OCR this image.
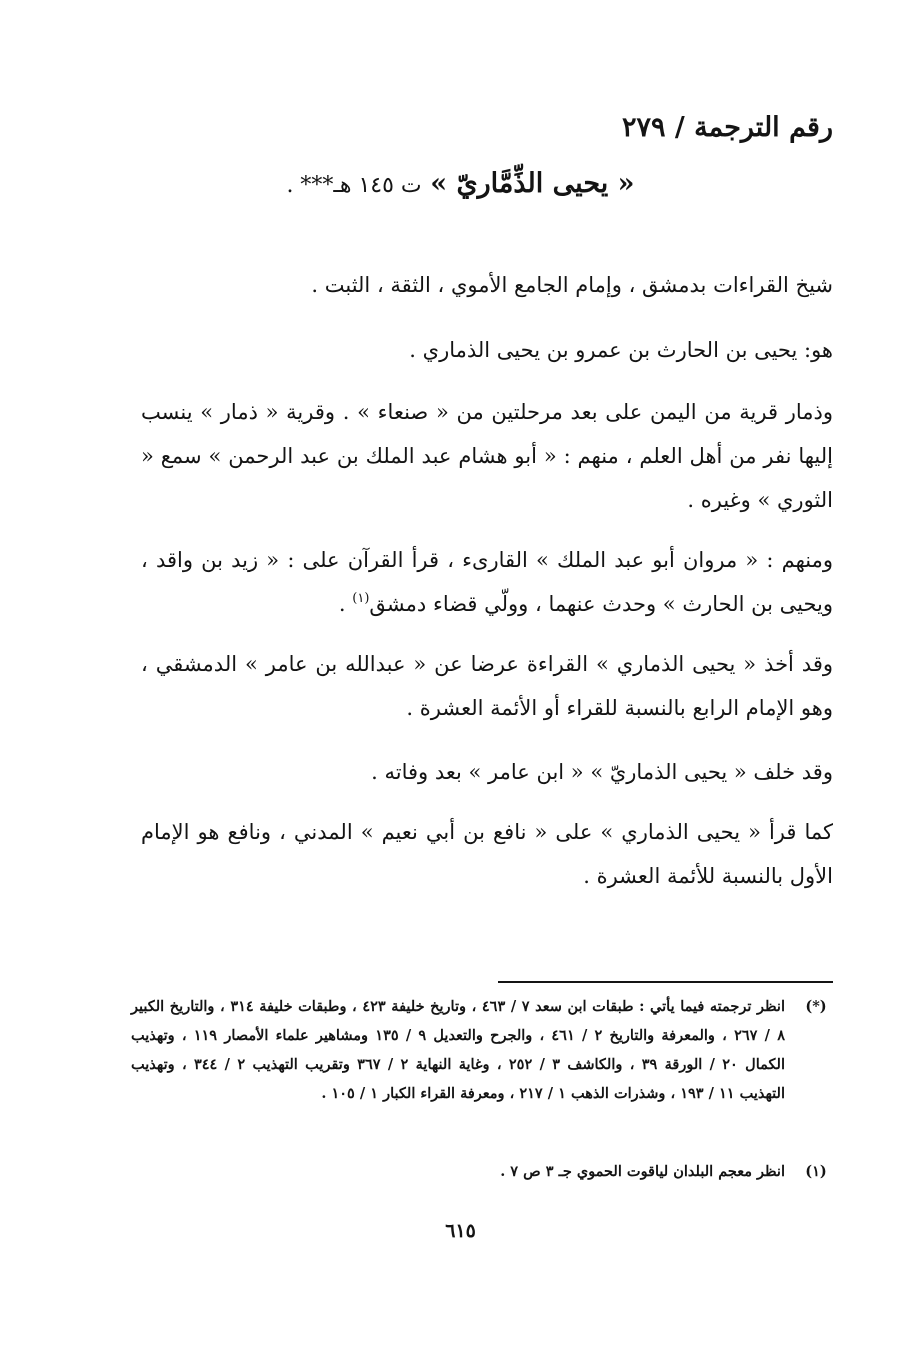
رقم الترجمة / ٢٧٩
« يحيى الذِّمَّاريّ » ت ١٤٥ هـ*** .

شيخ القراءات بدمشق ، وإمام الجامع الأموي ، الثقة ، الثبت .

هو: يحيى بن الحارث بن عمرو بن يحيى الذماري .

وذمار قرية من اليمن على بعد مرحلتين من « صنعاء » . وقرية « ذمار » ينسب إليها نفر من أهل العلم ، منهم : « أبو هشام عبد الملك بن عبد الرحمن » سمع « الثوري » وغيره .

ومنهم : « مروان أبو عبد الملك » القارىء ، قرأ القرآن على : « زيد بن واقد ، ويحيى بن الحارث » وحدث عنهما ، وولّي قضاء دمشق$^{(١)}$ .

وقد أخذ « يحيى الذماري » القراءة عرضا عن « عبدالله بن عامر » الدمشقي ، وهو الإمام الرابع بالنسبة للقراء أو الأئمة العشرة .

وقد خلف « يحيى الذماريّ » « ابن عامر » بعد وفاته .

كما قرأ « يحيى الذماري » على « نافع بن أبي نعيم » المدني ، ونافع هو الإمام الأول بالنسبة للأئمة العشرة .

(*)
انظر ترجمته فيما يأتي : طبقات ابن سعد ٧ / ٤٦٣ ، وتاريخ خليفة ٤٢٣ ، وطبقات خليفة ٣١٤ ، والتاريخ الكبير ٨ / ٢٦٧ ، والمعرفة والتاريخ ٢ / ٤٦١ ، والجرح والتعديل ٩ / ١٣٥ ومشاهير علماء الأمصار ١١٩ ، وتهذيب الكمال ٢٠ / الورقة ٣٩ ، والكاشف ٣ / ٢٥٢ ، وغاية النهاية ٢ / ٣٦٧ وتقريب التهذيب ٢ / ٣٤٤ ، وتهذيب التهذيب ١١ / ١٩٣ ، وشذرات الذهب ١ / ٢١٧ ، ومعرفة القراء الكبار ١ / ١٠٥ .
(١)
انظر معجم البلدان لياقوت الحموي جـ ٣ ص ٧ .
٦١٥
